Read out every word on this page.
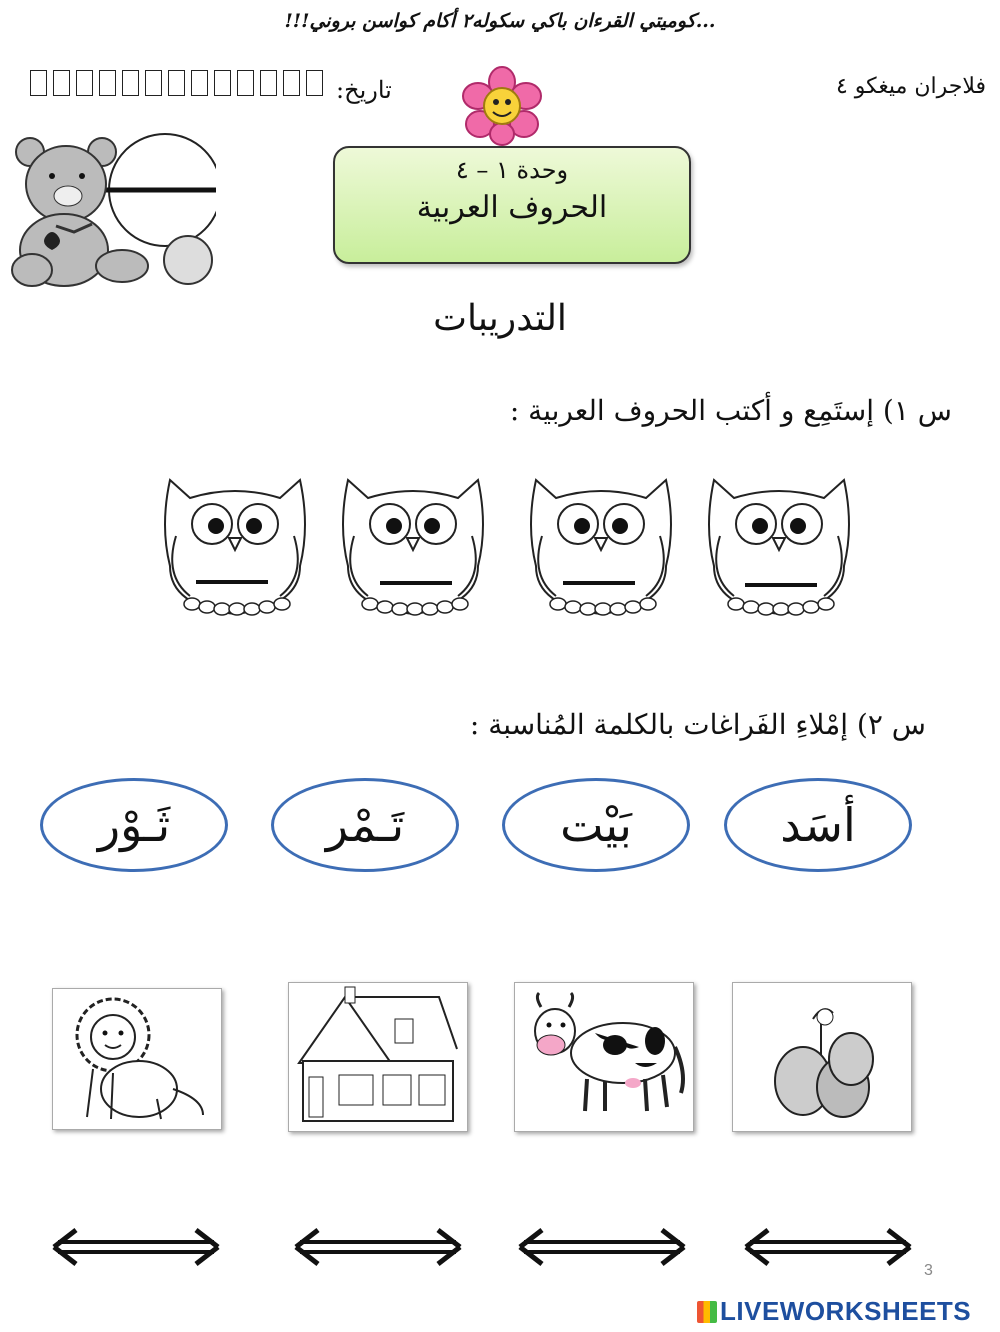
...كوميتي القرءان باكي سكوله٢ أكام كواسن بروني!!!
فلاجران ميغكو ٤
تاريخ:
وحدة ١ – ٤
الحروف العربية
التدريبات
س ١) إستَمِع و أكتب الحروف العربية :
س ٢) إمْلاءِ الفَراغات بالكلمة المُناسبة :
ثَـوْر	تَـمْر	بَيْت	أسَد
3
LIVEWORKSHEETS
